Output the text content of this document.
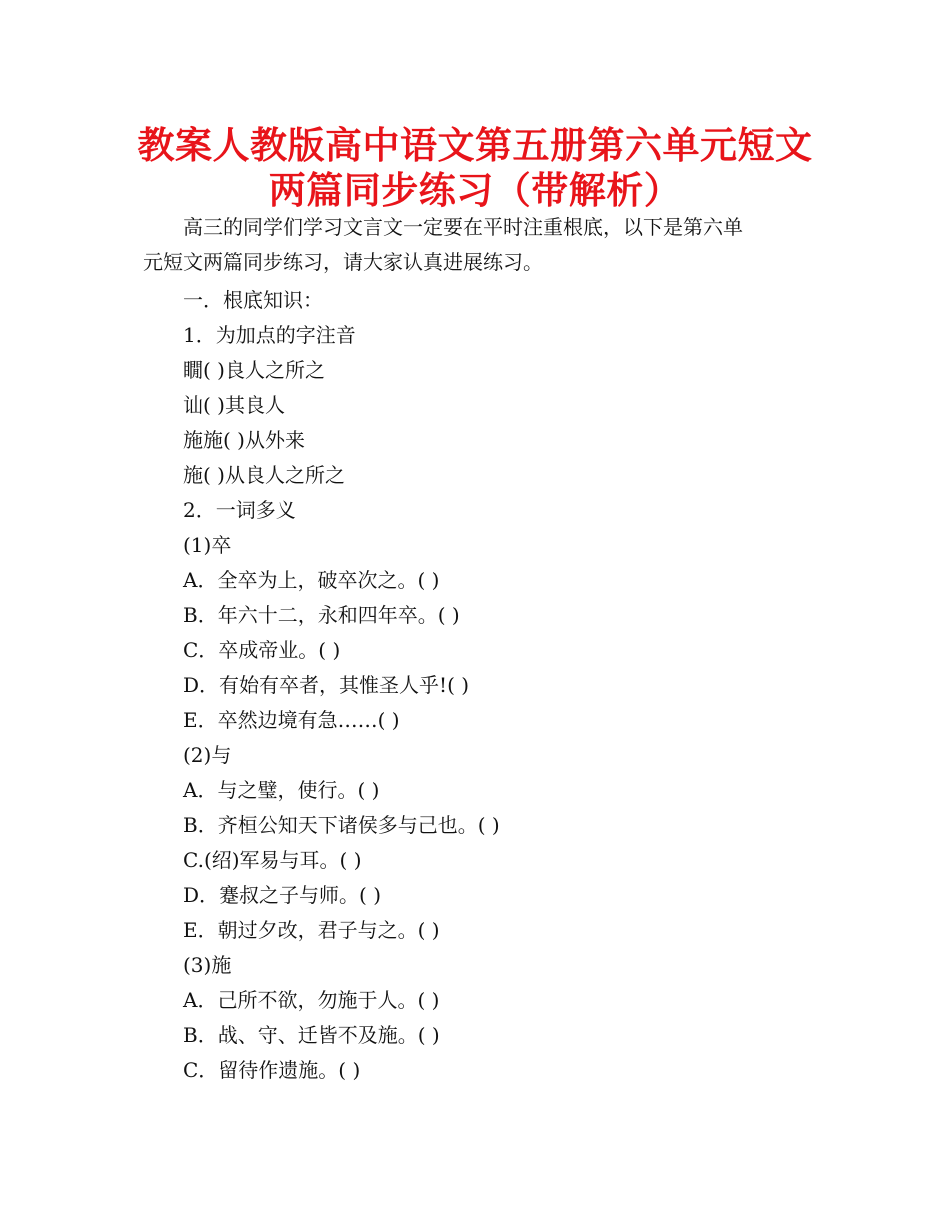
教案人教版高中语文第五册第六单元短文
两篇同步练习（带解析）
高三的同学们学习文言文一定要在平时注重根底，以下是第六单
元短文两篇同步练习，请大家认真进展练习。
一．根底知识：
1．为加点的字注音
瞯( )良人之所之
讪( )其良人
施施( )从外来
施( )从良人之所之
2．一词多义
(1)卒
A．全卒为上，破卒次之。( )
B．年六十二，永和四年卒。( )
C．卒成帝业。( )
D．有始有卒者，其惟圣人乎!( )
E．卒然边境有急……( )
(2)与
A．与之璧，使行。( )
B．齐桓公知天下诸侯多与己也。( )
C.(绍)军易与耳。( )
D．蹇叔之子与师。( )
E．朝过夕改，君子与之。( )
(3)施
A．己所不欲，勿施于人。( )
B．战、守、迁皆不及施。( )
C．留待作遗施。( )
